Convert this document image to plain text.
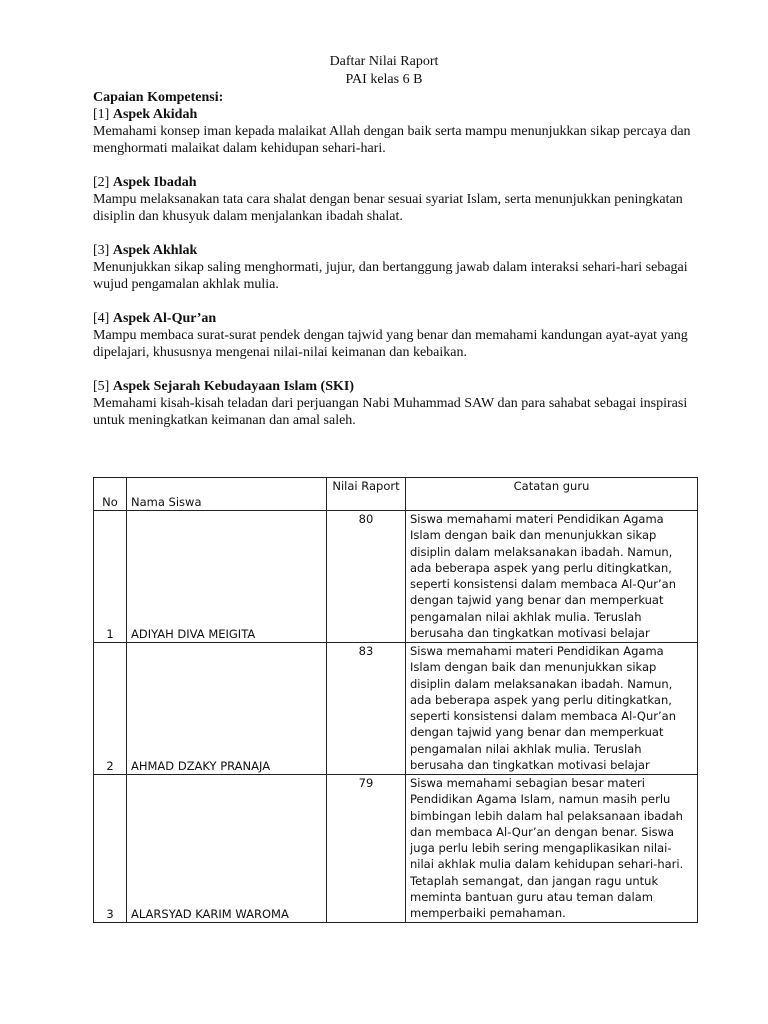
Daftar Nilai Raport
PAI kelas 6 B

Capaian Kompetensi:

[1] Aspek Akidah

Memahami konsep iman kepada malaikat Allah dengan baik serta mampu menunjukkan sikap percaya dan menghormati malaikat dalam kehidupan sehari-hari.

[2] Aspek Ibadah

Mampu melaksanakan tata cara shalat dengan benar sesuai syariat Islam, serta menunjukkan peningkatan disiplin dan khusyuk dalam menjalankan ibadah shalat.

[3] Aspek Akhlak

Menunjukkan sikap saling menghormati, jujur, dan bertanggung jawab dalam interaksi sehari-hari sebagai wujud pengamalan akhlak mulia.

[4] Aspek Al-Qur’an

Mampu membaca surat-surat pendek dengan tajwid yang benar dan memahami kandungan ayat-ayat yang dipelajari, khususnya mengenai nilai-nilai keimanan dan kebaikan.

[5] Aspek Sejarah Kebudayaan Islam (SKI)

Memahami kisah-kisah teladan dari perjuangan Nabi Muhammad SAW dan para sahabat sebagai inspirasi untuk meningkatkan keimanan dan amal saleh.

No	Nama Siswa	Nilai Raport	Catatan guru
1	ADIYAH DIVA MEIGITA	80	Siswa memahami materi Pendidikan Agama Islam dengan baik dan menunjukkan sikap disiplin dalam melaksanakan ibadah. Namun, ada beberapa aspek yang perlu ditingkatkan, seperti konsistensi dalam membaca Al-Qur’an dengan tajwid yang benar dan memperkuat pengamalan nilai akhlak mulia. Teruslah berusaha dan tingkatkan motivasi belajar
2	AHMAD DZAKY PRANAJA	83	Siswa memahami materi Pendidikan Agama Islam dengan baik dan menunjukkan sikap disiplin dalam melaksanakan ibadah. Namun, ada beberapa aspek yang perlu ditingkatkan, seperti konsistensi dalam membaca Al-Qur’an dengan tajwid yang benar dan memperkuat pengamalan nilai akhlak mulia. Teruslah berusaha dan tingkatkan motivasi belajar
3	ALARSYAD KARIM WAROMA	79	Siswa memahami sebagian besar materi Pendidikan Agama Islam, namun masih perlu bimbingan lebih dalam hal pelaksanaan ibadah dan membaca Al-Qur’an dengan benar. Siswa juga perlu lebih sering mengaplikasikan nilai-nilai akhlak mulia dalam kehidupan sehari-hari. Tetaplah semangat, dan jangan ragu untuk meminta bantuan guru atau teman dalam memperbaiki pemahaman.
